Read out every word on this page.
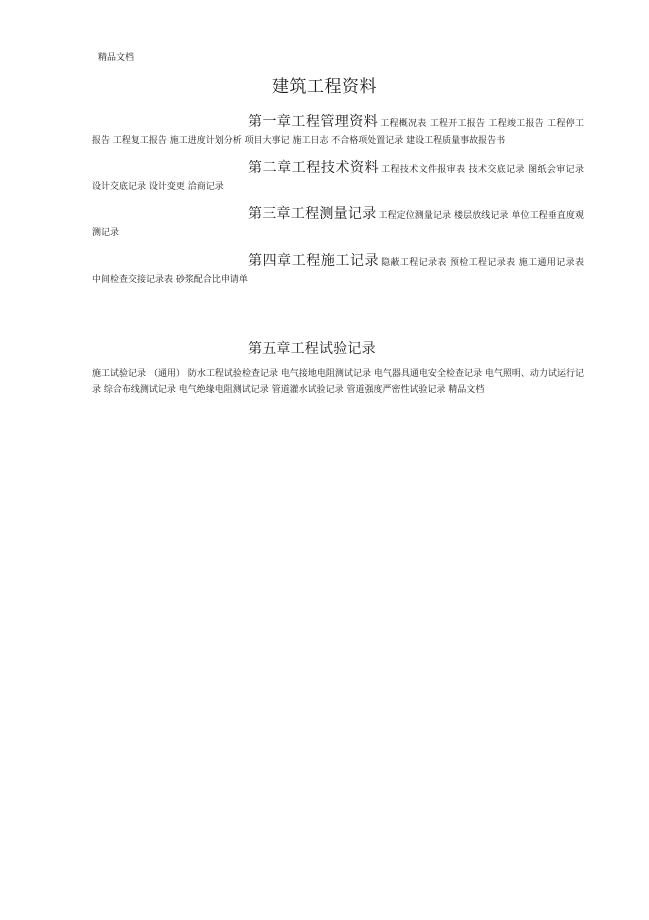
精品文档
建筑工程资料
第一章工程管理资料 工程概况表 工程开工报告 工程竣工报告 工程停工报告 工程复工报告 施工进度计划分析 项目大事记 施工日志 不合格项处置记录 建设工程质量事故报告书
第二章工程技术资料 工程技术文件报审表 技术交底记录 图纸会审记录 设计交底记录 设计变更 洽商记录
第三章工程测量记录 工程定位测量记录 楼层放线记录 单位工程垂直度观测记录
第四章工程施工记录 隐蔽工程记录表 预检工程记录表 施工通用记录表 中间检查交接记录表 砂浆配合比申请单
第五章工程试验记录
施工试验记录 （通用） 防水工程试验检查记录 电气接地电阻测试记录 电气器具通电安全检查记录 电气照明、动力试运行记录 综合布线测试记录 电气绝缘电阻测试记录 管道灌水试验记录 管道强度严密性试验记录 精品文档
